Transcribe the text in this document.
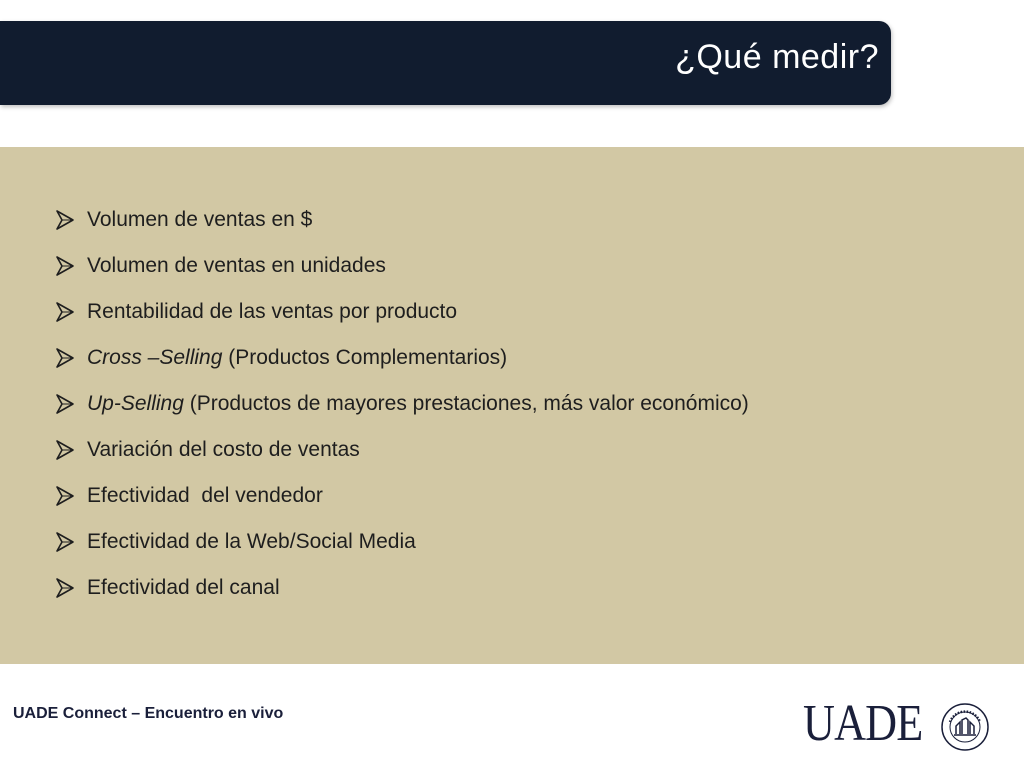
¿Qué medir?
Volumen de ventas en $
Volumen de ventas en unidades
Rentabilidad de las ventas por producto
Cross –Selling (Productos Complementarios)
Up-Selling (Productos de mayores prestaciones, más valor económico)
Variación del costo de ventas
Efectividad  del vendedor
Efectividad de la Web/Social Media
Efectividad del canal
UADE Connect – Encuentro en vivo	UADE
